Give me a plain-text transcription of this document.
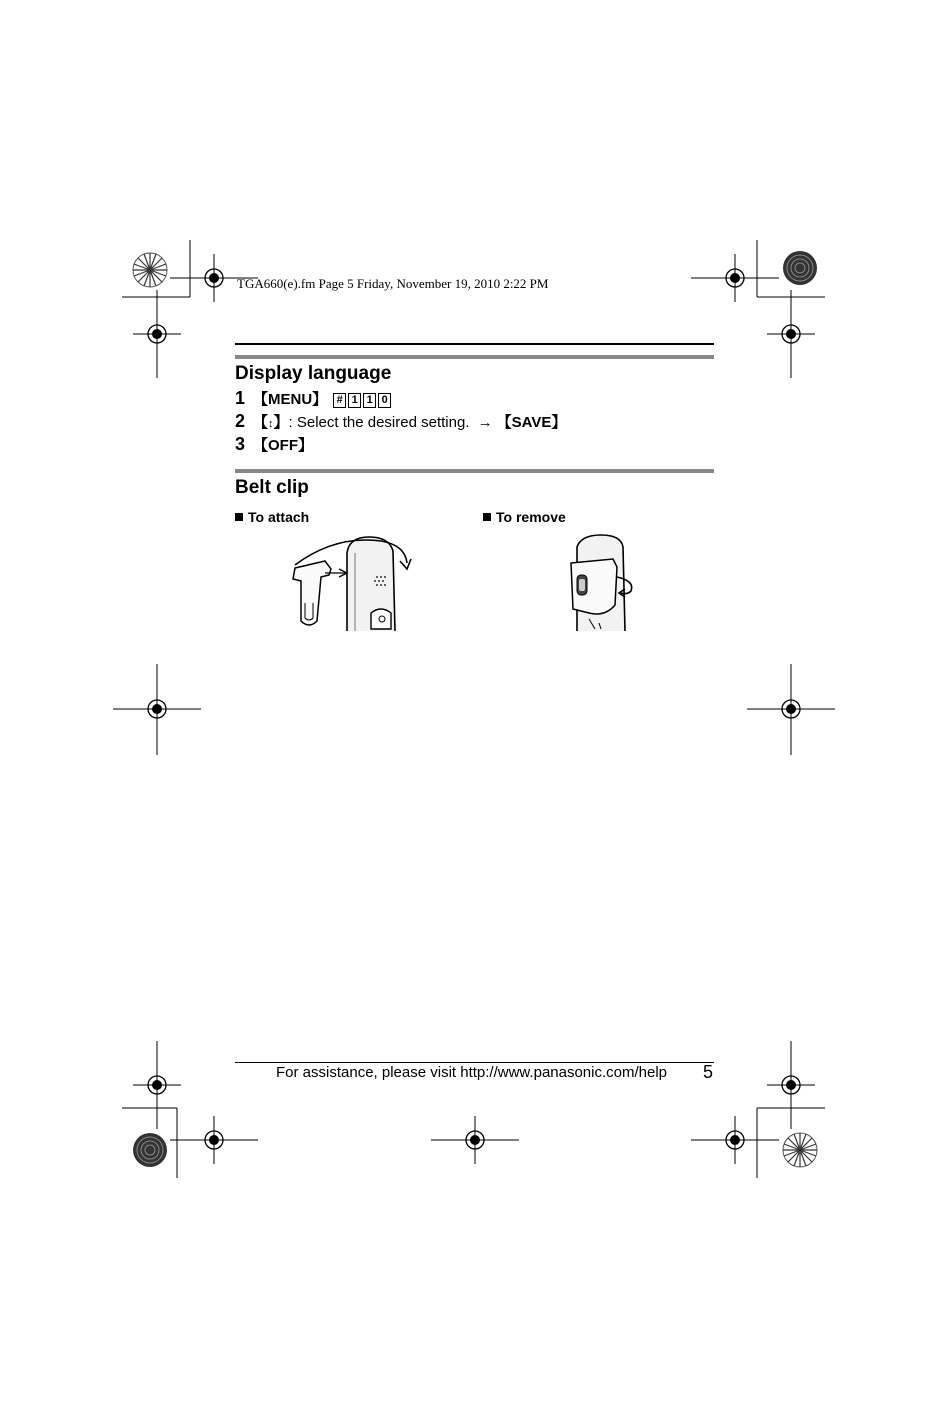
TGA660(e).fm Page 5 Friday, November 19, 2010 2:22 PM
Display language
1 【MENU】 # 1 1 0
2 【 ↕ 】 : Select the desired setting. → 【SAVE】
3 【OFF】
Belt clip
To attach	To remove
For assistance, please visit http://www.panasonic.com/help 5
